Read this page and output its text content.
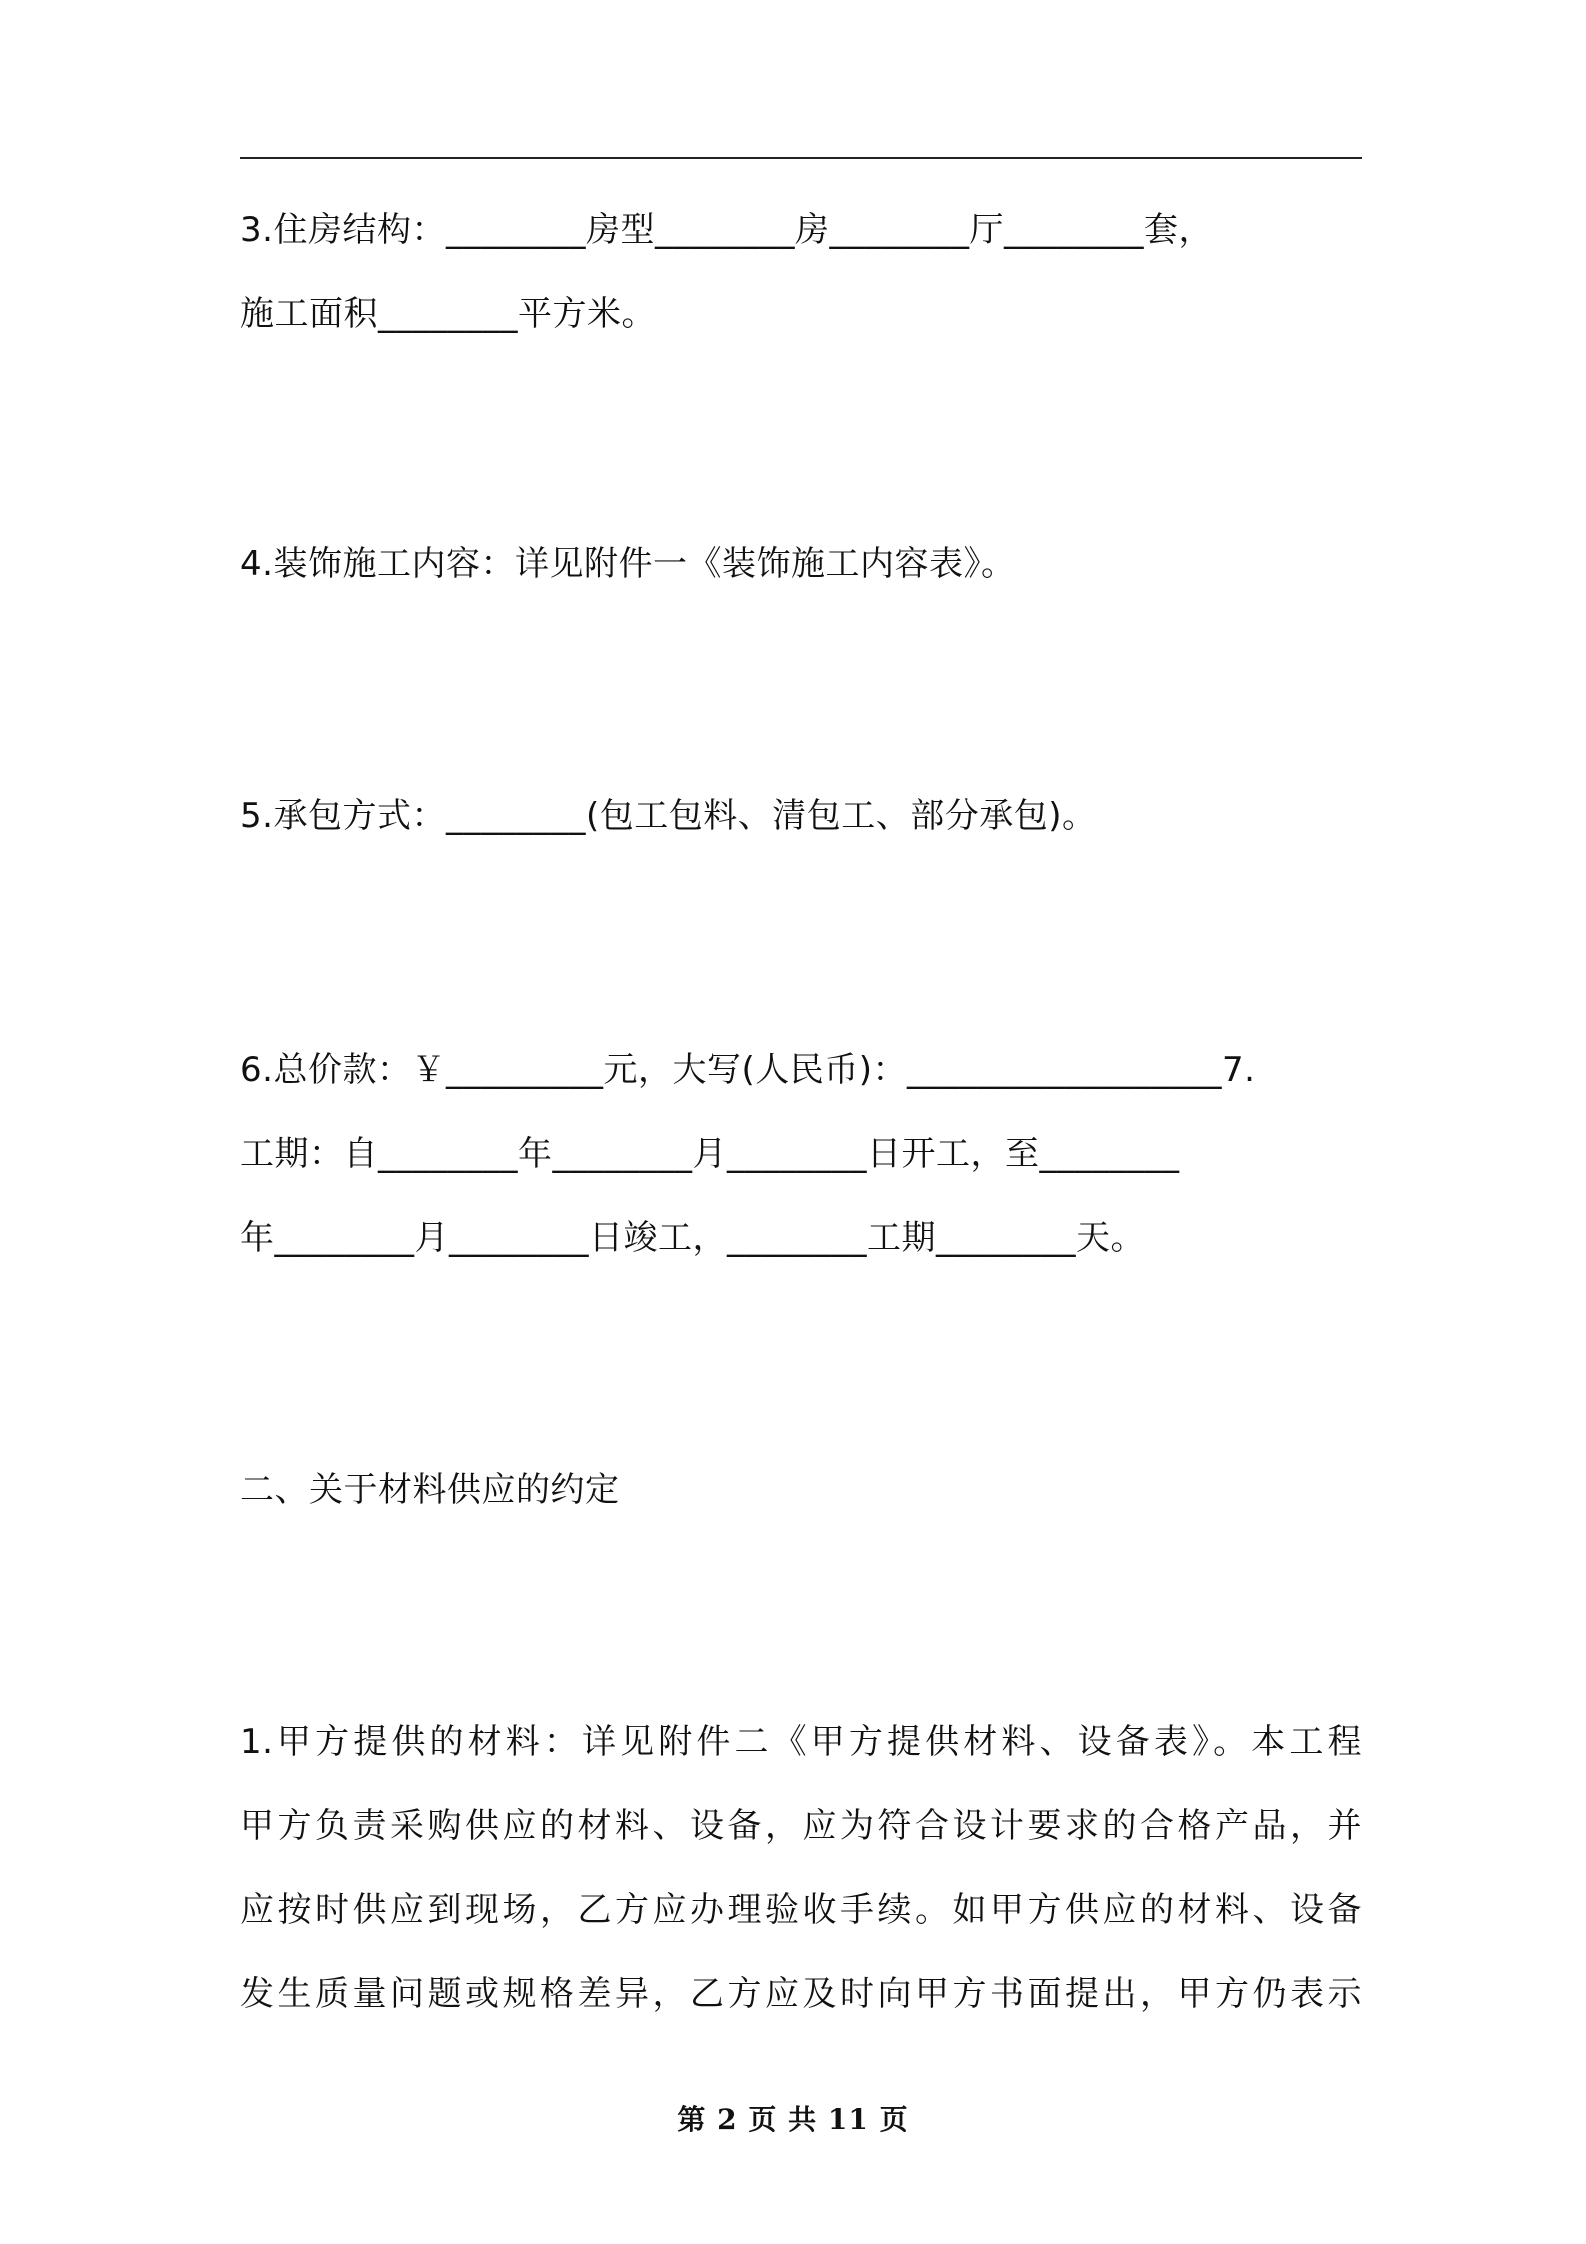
3.住房结构：________房型________房________厅________套，
施工面积________平方米。
4.装饰施工内容：详见附件一《装饰施工内容表》。
5.承包方式：________(包工包料、清包工、部分承包)。
6.总价款：￥_________元，大写(人民币)：__________________7.
工期：自________年________月________日开工，至________
年________月________日竣工，________工期________天。
二、关于材料供应的约定
1.甲方提供的材料：详见附件二《甲方提供材料、设备表》。本工程
甲方负责采购供应的材料、设备，应为符合设计要求的合格产品，并
应按时供应到现场，乙方应办理验收手续。如甲方供应的材料、设备
发生质量问题或规格差异，乙方应及时向甲方书面提出，甲方仍表示
第 2 页 共 11 页
